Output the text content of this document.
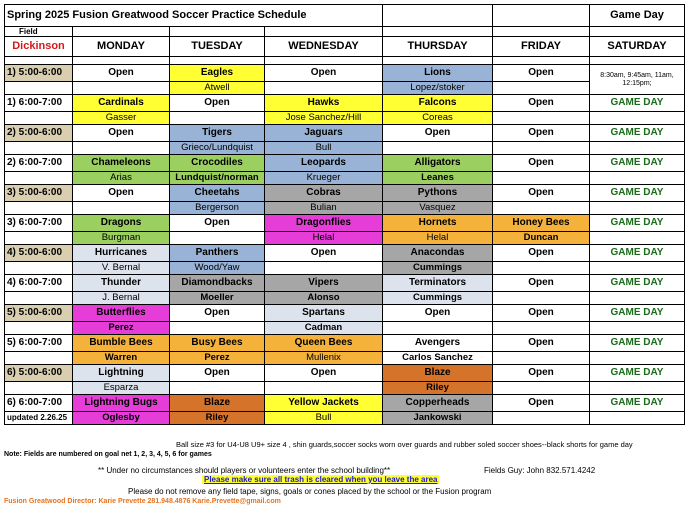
Spring 2025 Fusion Greatwood Soccer Practice Schedule						Game Day
Field						
Dickinson	MONDAY	TUESDAY	WEDNESDAY	THURSDAY	FRIDAY	SATURDAY

1) 5:00-6:00	Open	Eagles	Open	Lions	Open	8:30am, 9:45am, 11am, 12:15pm;
		Atwell		Lopez/stoker		
1) 6:00-7:00	Cardinals	Open	Hawks	Falcons	Open	GAME DAY
	Gasser		Jose Sanchez/Hill	Coreas		
2) 5:00-6:00	Open	Tigers	Jaguars	Open	Open	GAME DAY
		Grieco/Lundquist	Bull			
2) 6:00-7:00	Chameleons	Crocodiles	Leopards	Alligators	Open	GAME DAY
	Arias	Lundquist/norman	Krueger	Leanes		
3) 5:00-6:00	Open	Cheetahs	Cobras	Pythons	Open	GAME DAY
		Bergerson	Bulian	Vasquez		
3) 6:00-7:00	Dragons	Open	Dragonflies	Hornets	Honey Bees	GAME DAY
	Burgman		Helal	Helal	Duncan	
4) 5:00-6:00	Hurricanes	Panthers	Open	Anacondas	Open	GAME DAY
	V. Bernal	Wood/Yaw		Cummings		
4) 6:00-7:00	Thunder	Diamondbacks	Vipers	Terminators	Open	GAME DAY
	J. Bernal	Moeller	Alonso	Cummings		
5) 5:00-6:00	Butterflies	Open	Spartans	Open	Open	GAME DAY
	Perez		Cadman			
5) 6:00-7:00	Bumble Bees	Busy Bees	Queen Bees	Avengers	Open	GAME DAY
	Warren	Perez	Mullenix	Carlos Sanchez		
6) 5:00-6:00	Lightning	Open	Open	Blaze	Open	GAME DAY
	Esparza			Riley		
6) 6:00-7:00	Lightning Bugs	Blaze	Yellow Jackets	Copperheads	Open	GAME DAY
updated 2.26.25	Oglesby	Riley	Bull	Jankowski		
Ball size #3 for U4-U8 U9+ size 4 , shin guards,soccer socks worn over guards and rubber soled soccer shoes--black shorts for game day
Note: Fields are numbered on goal net 1, 2, 3, 4, 5, 6 for games
** Under no circumstances should players or volunteers enter the school building**	Fields Guy: John 832.571.4242
Please make sure all trash is cleared when you leave the area
Please do not remove any field tape, signs, goals or cones placed by the school or the Fusion program
Fusion Greatwood Director: Karie Prevette 281.948.4876 Karie.Prevette@gmail.com
